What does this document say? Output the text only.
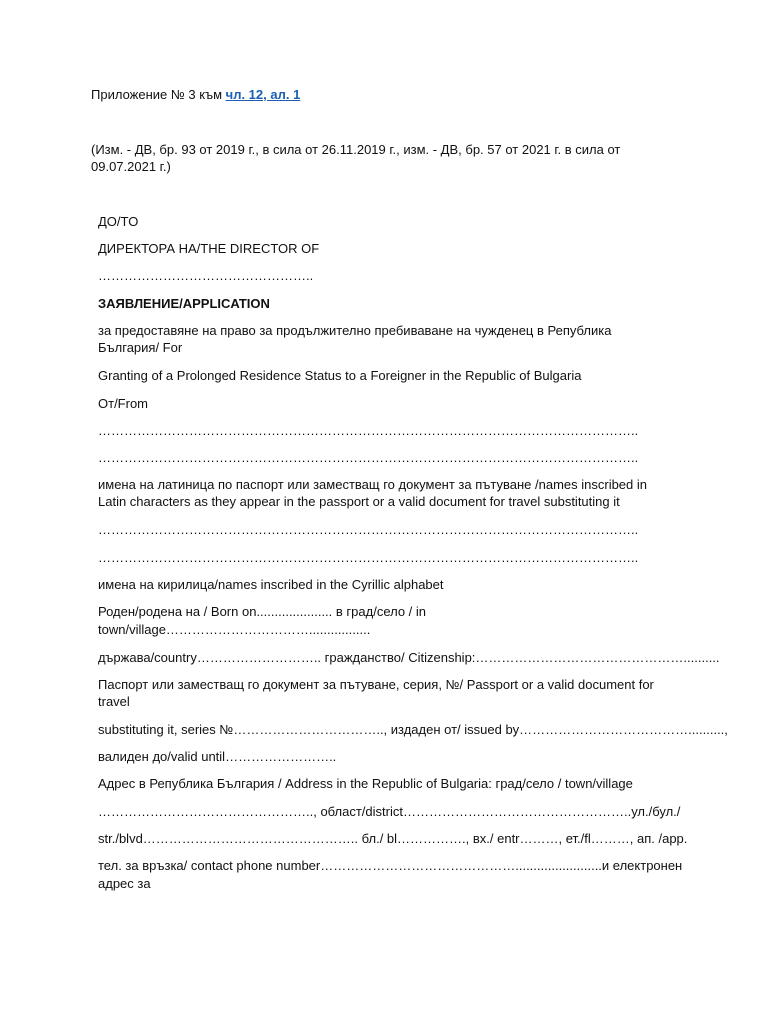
Приложение № 3 към чл. 12, ал. 1
(Изм. - ДВ, бр. 93 от 2019 г., в сила от 26.11.2019 г., изм. - ДВ, бр. 57 от 2021 г. в сила от
09.07.2021 г.)
ДО/TO
ДИРЕКТОРА НА/THE DIRECTOR OF
…………………………………………..
ЗАЯВЛЕНИЕ/APPLICATION
за предоставяне на право за продължително пребиваване на чужденец в Република
България/ For
Granting of a Prolonged Residence Status to a Foreigner in the Republic of Bulgaria
От/From
……………………………………………………………………………………………………………..
……………………………………………………………………………………………………………..
имена на латиница по паспорт или заместващ го документ за пътуване /names inscribed in
Latin characters as they appear in the passport or a valid document for travel substituting it
……………………………………………………………………………………………………………..
……………………………………………………………………………………………………………..
имена на кирилица/names inscribed in the Cyrillic alphabet
Роден/родена на / Born on..................... в град/село / in
town/village…………………………….................
държава/country……………………….. гражданство/ Citizenship:…………………………………………..........
Паспорт или заместващ го документ за пътуване, серия, №/ Passport or a valid document for
travel
substituting it, series №…………………………….., издаден от/ issued by…………………………………..........,
валиден до/valid until……………………..
Адрес в Република България / Address in the Republic of Bulgaria: град/село / town/village
………………………………………….., област/district……………………………………………..ул./бул./
str./blvd………………………………………….. бл./ bl……………., вх./ entr………, ет./fl………, ап. /app.
тел. за връзка/ contact phone number………………………………………........................и електронен
адрес за
